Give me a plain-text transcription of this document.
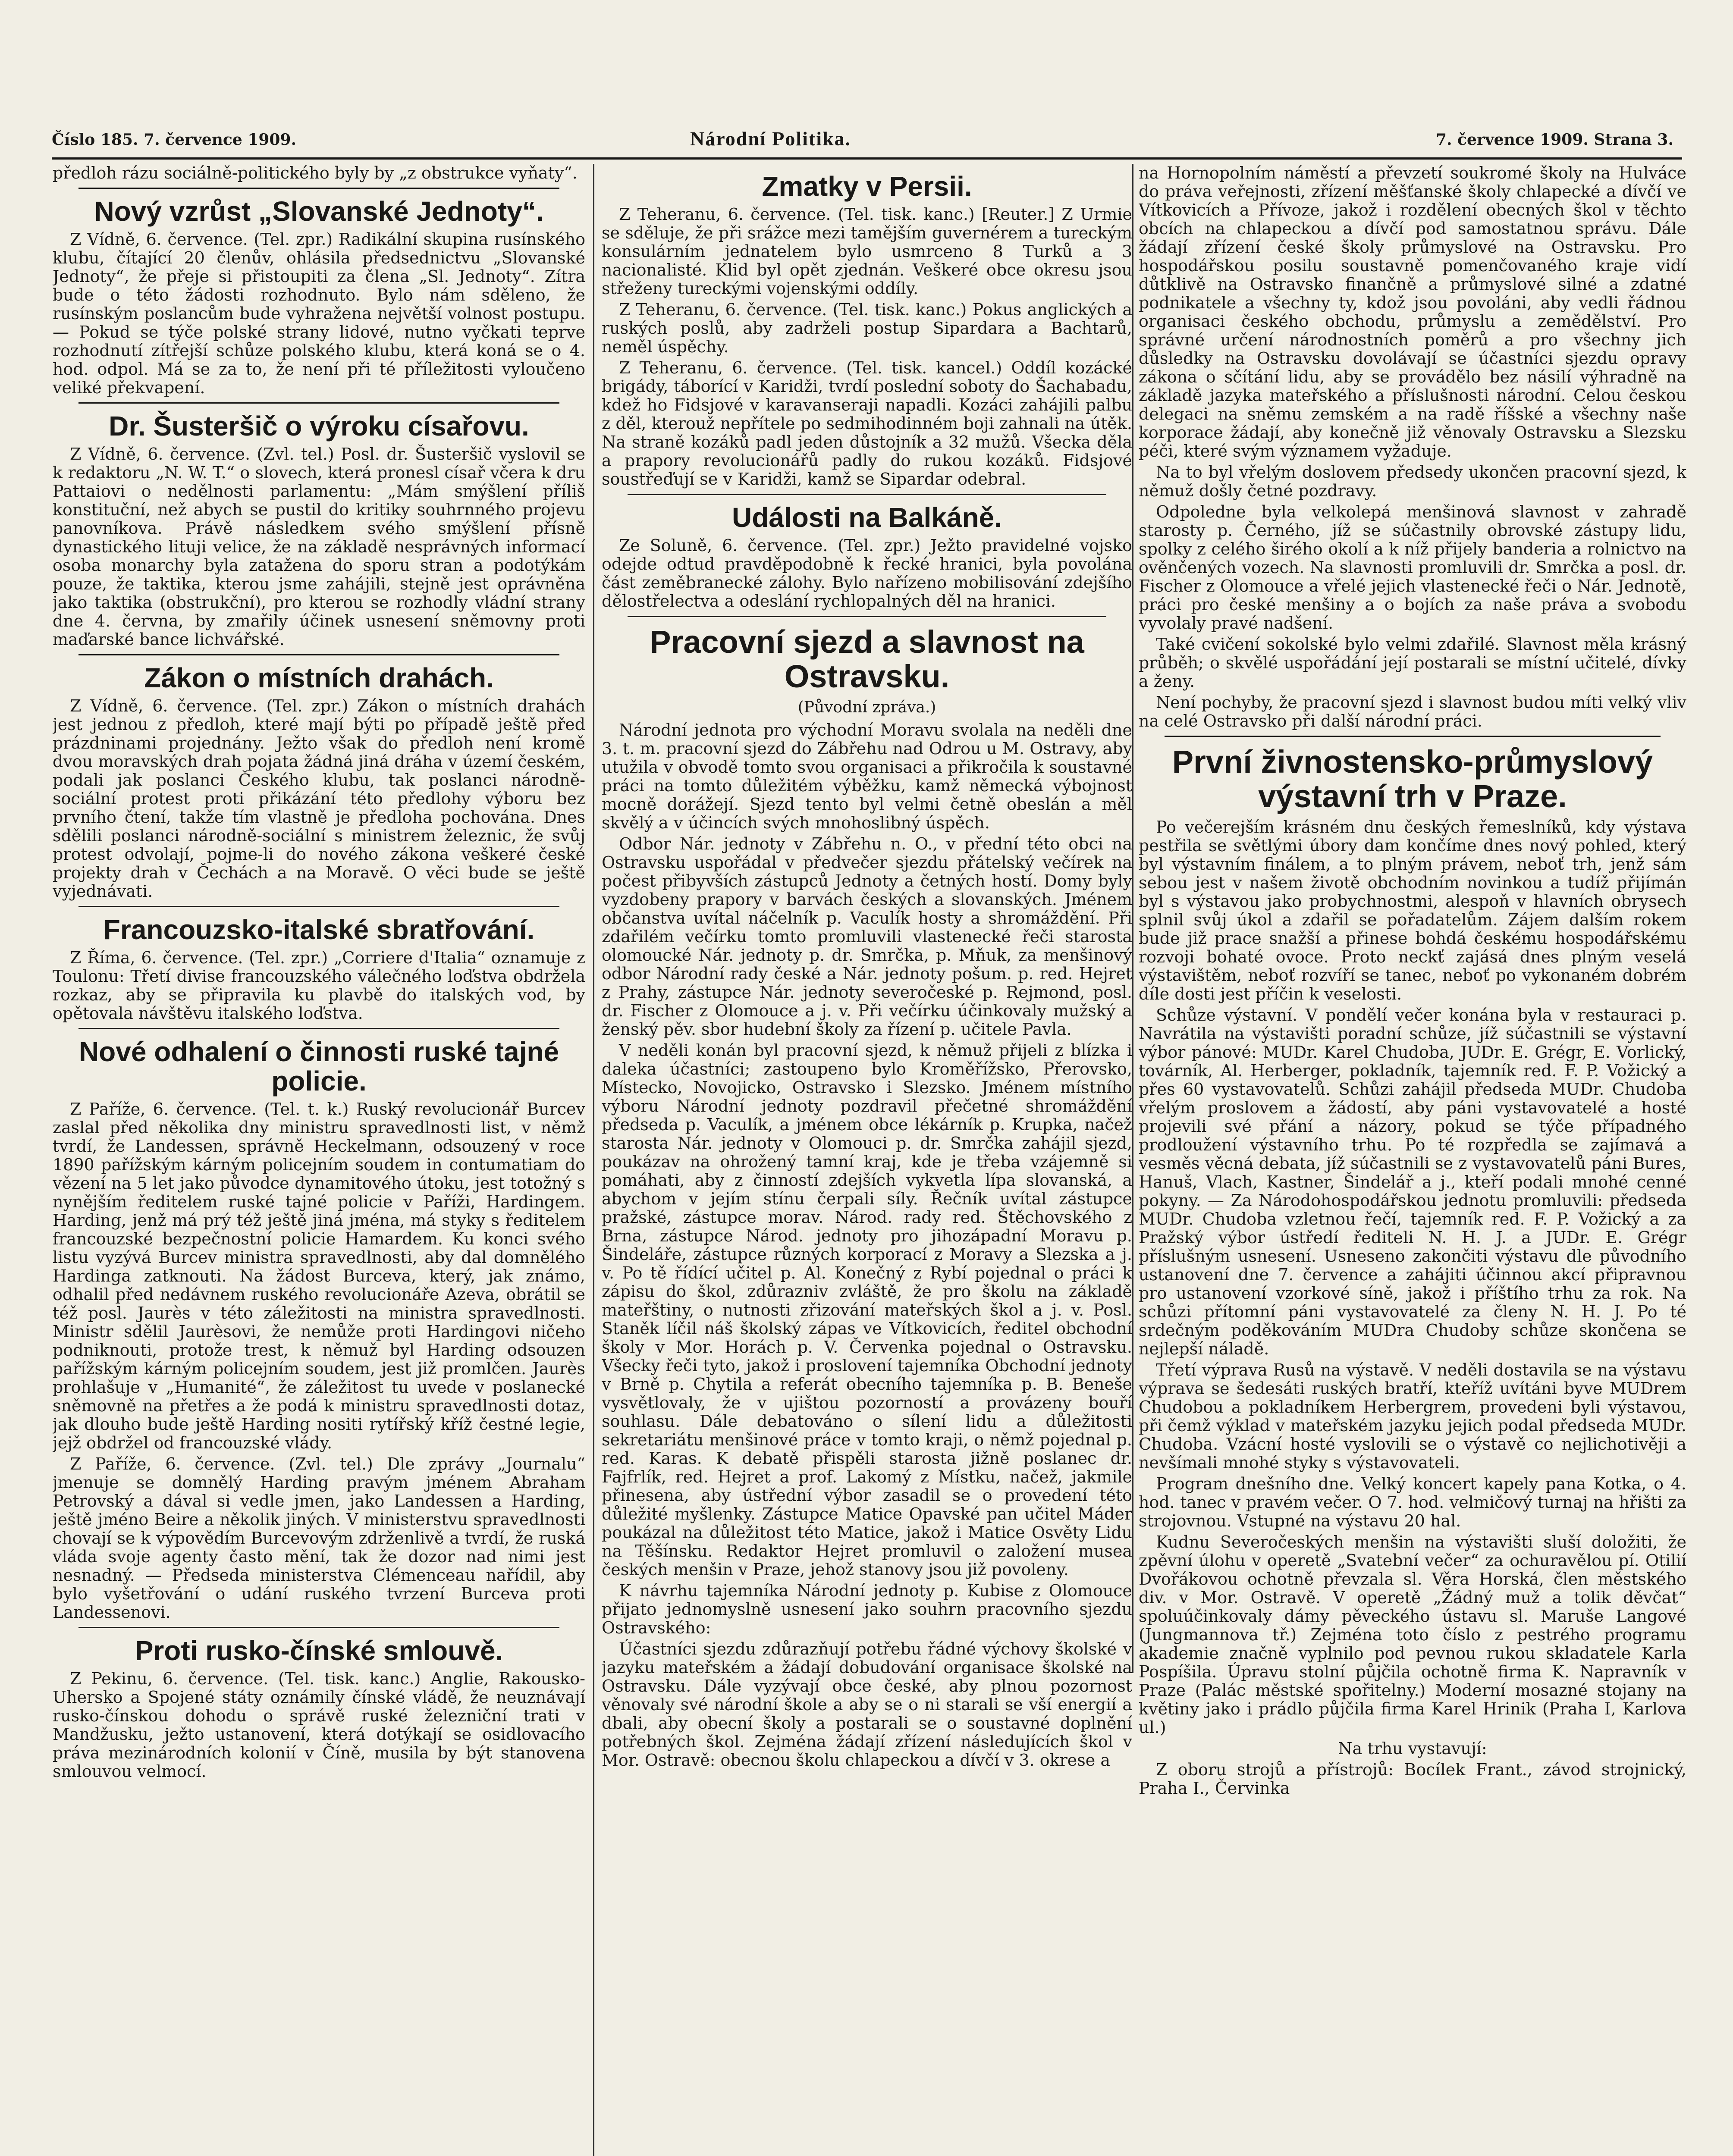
Číslo 185. 7. července 1909.	Národní Politika.	7. července 1909. Strana 3.

předloh rázu sociálně-politického byly by „z obstrukce vyňaty“.

Nový vzrůst „Slovanské Jednoty“.

Z Vídně, 6. července. (Tel. zpr.) Radikální skupina rusínského klubu, čítající 20 členův, ohlásila předsednictvu „Slovanské Jednoty“, že přeje si přistoupiti za člena „Sl. Jednoty“. Zítra bude o této žádosti rozhodnuto. Bylo nám sděleno, že rusínským poslancům bude vyhražena největší volnost postupu. — Pokud se týče polské strany lidové, nutno vyčkati teprve rozhodnutí zítřejší schůze polského klubu, která koná se o 4. hod. odpol. Má se za to, že není při té příležitosti vyloučeno veliké překvapení.

Dr. Šusteršič o výroku císařovu.

Z Vídně, 6. července. (Zvl. tel.) Posl. dr. Šusteršič vyslovil se k redaktoru „N. W. T.“ o slovech, která pronesl císař včera k dru Pattaiovi o nedělnosti parlamentu: „Mám smýšlení příliš konstituční, než abych se pustil do kritiky souhrnného projevu panovníkova. Právě následkem svého smýšlení přísně dynastického lituji velice, že na základě nesprávných informací osoba monarchy byla zatažena do sporu stran a podotýkám pouze, že taktika, kterou jsme zahájili, stejně jest oprávněna jako taktika (obstrukční), pro kterou se rozhodly vládní strany dne 4. června, by zmařily účinek usnesení sněmovny proti maďarské bance lichvářské.

Zákon o místních drahách.

Z Vídně, 6. července. (Tel. zpr.) Zákon o místních drahách jest jednou z předloh, které mají býti po případě ještě před prázdninami projednány. Ježto však do předloh není kromě dvou moravských drah pojata žádná jiná dráha v území českém, podali jak poslanci Českého klubu, tak poslanci národně-sociální protest proti přikázání této předlohy výboru bez prvního čtení, takže tím vlastně je předloha pochována. Dnes sdělili poslanci národně-sociální s ministrem železnic, že svůj protest odvolají, pojme-li do nového zákona veškeré české projekty drah v Čechách a na Moravě. O věci bude se ještě vyjednávati.

Francouzsko-italské sbratřování.

Z Říma, 6. července. (Tel. zpr.) „Corriere d'Italia“ oznamuje z Toulonu: Třetí divise francouzského válečného loďstva obdržela rozkaz, aby se připravila ku plavbě do italských vod, by opětovala návštěvu italského loďstva.

Nové odhalení o činnosti ruské tajné policie.

Z Paříže, 6. července. (Tel. t. k.) Ruský revolucionář Burcev zaslal před několika dny ministru spravedlnosti list, v němž tvrdí, že Landessen, správně Heckelmann, odsouzený v roce 1890 pařížským kárným policejním soudem in contumatiam do vězení na 5 let jako původce dynamitového útoku, jest totožný s nynějším ředitelem ruské tajné policie v Paříži, Hardingem. Harding, jenž má prý též ještě jiná jména, má styky s ředitelem francouzské bezpečnostní policie Hamardem. Ku konci svého listu vyzývá Burcev ministra spravedlnosti, aby dal domnělého Hardinga zatknouti. Na žádost Burceva, který, jak známo, odhalil před nedávnem ruského revolucionáře Azeva, obrátil se též posl. Jaurès v této záležitosti na ministra spravedlnosti. Ministr sdělil Jaurèsovi, že nemůže proti Hardingovi ničeho podniknouti, protože trest, k němuž byl Harding odsouzen pařížským kárným policejním soudem, jest již promlčen. Jaurès prohlašuje v „Humanité“, že záležitost tu uvede v poslanecké sněmovně na přetřes a že podá k ministru spravedlnosti dotaz, jak dlouho bude ještě Harding nositi rytířský kříž čestné legie, jejž obdržel od francouzské vlády.

Z Paříže, 6. července. (Zvl. tel.) Dle zprávy „Journalu“ jmenuje se domnělý Harding pravým jménem Abraham Petrovský a dával si vedle jmen, jako Landessen a Harding, ještě jméno Beire a několik jiných. V ministerstvu spravedlnosti chovají se k výpovědím Burcevovým zdrženlivě a tvrdí, že ruská vláda svoje agenty často mění, tak že dozor nad nimi jest nesnadný. — Předseda ministerstva Clémenceau nařídil, aby bylo vyšetřování o udání ruského tvrzení Burceva proti Landessenovi.

Proti rusko-čínské smlouvě.

Z Pekinu, 6. července. (Tel. tisk. kanc.) Anglie, Rakousko-Uhersko a Spojené státy oznámily čínské vládě, že neuznávají rusko-čínskou dohodu o správě ruské železniční trati v Mandžusku, ježto ustanovení, která dotýkají se osidlovacího práva mezinárodních kolonií v Číně, musila by být stanovena smlouvou velmocí.

Zmatky v Persii.

Z Teheranu, 6. července. (Tel. tisk. kanc.) [Reuter.] Z Urmie se sděluje, že při srážce mezi tamějším guvernérem a tureckým konsulárním jednatelem bylo usmrceno 8 Turků a 3 nacionalisté. Klid byl opět zjednán. Veškeré obce okresu jsou střeženy tureckými vojenskými oddíly.

Z Teheranu, 6. července. (Tel. tisk. kanc.) Pokus anglických a ruských poslů, aby zadrželi postup Sipardara a Bachtarů, neměl úspěchy.

Z Teheranu, 6. července. (Tel. tisk. kancel.) Oddíl kozácké brigády, táborící v Karidži, tvrdí poslední soboty do Šachabadu, kdež ho Fidsjové v karavanseraji napadli. Kozáci zahájili palbu z děl, kterouž nepřítele po sedmihodinném boji zahnali na útěk. Na straně kozáků padl jeden důstojník a 32 mužů. Všecka děla a prapory revolucionářů padly do rukou kozáků. Fidsjové soustřeďují se v Karidži, kamž se Sipardar odebral.

Události na Balkáně.

Ze Soluně, 6. července. (Tel. zpr.) Ježto pravidelné vojsko odejde odtud pravděpodobně k řecké hranici, byla povolána část zeměbranecké zálohy. Bylo nařízeno mobilisování zdejšího dělostřelectva a odeslání rychlopalných děl na hranici.

Pracovní sjezd a slavnost na Ostravsku.
(Původní zpráva.)

Národní jednota pro východní Moravu svolala na neděli dne 3. t. m. pracovní sjezd do Zábřehu nad Odrou u M. Ostravy, aby utužila v obvodě tomto svou organisaci a přikročila k soustavné práci na tomto důležitém výběžku, kamž německá výbojnost mocně dorážejí. Sjezd tento byl velmi četně obeslán a měl skvělý a v účincích svých mnohoslibný úspěch.

Odbor Nár. jednoty v Zábřehu n. O., v přední této obci na Ostravsku uspořádal v předvečer sjezdu přátelský večírek na počest přibyvších zástupců Jednoty a četných hostí. Domy byly vyzdobeny prapory v barvách českých a slovanských. Jménem občanstva uvítal náčelník p. Vaculík hosty a shromáždění. Při zdařilém večírku tomto promluvili vlastenecké řeči starosta olomoucké Nár. jednoty p. dr. Smrčka, p. Mňuk, za menšinový odbor Národní rady české a Nár. jednoty pošum. p. red. Hejret z Prahy, zástupce Nár. jednoty severočeské p. Rejmond, posl. dr. Fischer z Olomouce a j. v. Při večírku účinkovaly mužský a ženský pěv. sbor hudební školy za řízení p. učitele Pavla.

V neděli konán byl pracovní sjezd, k němuž přijeli z blízka i daleka účastníci; zastoupeno bylo Kroměřížsko, Přerovsko, Místecko, Novojicko, Ostravsko i Slezsko. Jménem místního výboru Národní jednoty pozdravil přečetné shromáždění předseda p. Vaculík, a jménem obce lékárník p. Krupka, načež starosta Nár. jednoty v Olomouci p. dr. Smrčka zahájil sjezd, poukázav na ohrožený tamní kraj, kde je třeba vzájemně si pomáhati, aby z činností zdejších vykvetla lípa slovanská, a abychom v jejím stínu čerpali síly. Řečník uvítal zástupce pražské, zástupce morav. Národ. rady red. Štěchovského z Brna, zástupce Národ. jednoty pro jihozápadní Moravu p. Šindeláře, zástupce různých korporací z Moravy a Slezska a j. v. Po tě řídící učitel p. Al. Konečný z Rybí pojednal o práci k zápisu do škol, zdůrazniv zvláště, že pro školu na základě mateřštiny, o nutnosti zřizování mateřských škol a j. v. Posl. Staněk líčil náš školský zápas ve Vítkovicích, ředitel obchodní školy v Mor. Horách p. V. Červenka pojednal o Ostravsku. Všecky řeči tyto, jakož i proslovení tajemníka Obchodní jednoty v Brně p. Chytila a referát obecního tajemníka p. B. Beneše vysvětlovaly, že v ujištou pozorností a provázeny bouří souhlasu. Dále debatováno o sílení lidu a důležitosti sekretariátu menšinové práce v tomto kraji, o němž pojednal p. red. Karas. K debatě přispěli starosta jižně poslanec dr. Fajfrlík, red. Hejret a prof. Lakomý z Místku, načež, jakmile přinesena, aby ústřední výbor zasadil se o provedení této důležité myšlenky. Zástupce Matice Opavské pan učitel Máder poukázal na důležitost této Matice, jakož i Matice Osvěty Lidu na Těšínsku. Redaktor Hejret promluvil o založení musea českých menšin v Praze, jehož stanovy jsou již povoleny.

K návrhu tajemníka Národní jednoty p. Kubise z Olomouce přijato jednomyslně usnesení jako souhrn pracovního sjezdu Ostravského:

Účastníci sjezdu zdůrazňují potřebu řádné výchovy školské v jazyku mateřském a žádají dobudování organisace školské na Ostravsku. Dále vyzývají obce české, aby plnou pozornost věnovaly své národní škole a aby se o ni starali se vší energií a dbali, aby obecní školy a postarali se o soustavné doplnění potřebných škol. Zejména žádají zřízení následujících škol v Mor. Ostravě: obecnou školu chlapeckou a dívčí v 3. okrese a

na Hornopolním náměstí a převzetí soukromé školy na Hulváce do práva veřejnosti, zřízení měšťanské školy chlapecké a dívčí ve Vítkovicích a Přívoze, jakož i rozdělení obecných škol v těchto obcích na chlapeckou a dívčí pod samostatnou správu. Dále žádají zřízení české školy průmyslové na Ostravsku. Pro hospodářskou posilu soustavně pomenčovaného kraje vidí důtklivě na Ostravsko finančně a průmyslové silné a zdatné podnikatele a všechny ty, kdož jsou povoláni, aby vedli řádnou organisaci českého obchodu, průmyslu a zemědělství. Pro správné určení národnostních poměrů a pro všechny jich důsledky na Ostravsku dovolávají se účastníci sjezdu opravy zákona o sčítání lidu, aby se provádělo bez násilí výhradně na základě jazyka mateřského a příslušnosti národní. Celou českou delegaci na sněmu zemském a na radě říšské a všechny naše korporace žádají, aby konečně již věnovaly Ostravsku a Slezsku péči, které svým významem vyžaduje.

Na to byl vřelým doslovem předsedy ukončen pracovní sjezd, k němuž došly četné pozdravy.

Odpoledne byla velkolepá menšinová slavnost v zahradě starosty p. Černého, jíž se súčastnily obrovské zástupy lidu, spolky z celého širého okolí a k níž přijely banderia a rolnictvo na ověnčených vozech. Na slavnosti promluvili dr. Smrčka a posl. dr. Fischer z Olomouce a vřelé jejich vlastenecké řeči o Nár. Jednotě, práci pro české menšiny a o bojích za naše práva a svobodu vyvolaly pravé nadšení.

Také cvičení sokolské bylo velmi zdařilé. Slavnost měla krásný průběh; o skvělé uspořádání její postarali se místní učitelé, dívky a ženy.

Není pochyby, že pracovní sjezd i slavnost budou míti velký vliv na celé Ostravsko při další národní práci.

První živnostensko-průmyslový výstavní trh v Praze.

Po večerejším krásném dnu českých řemeslníků, kdy výstava pestřila se světlými úbory dam končíme dnes nový pohled, který byl výstavním finálem, a to plným právem, neboť trh, jenž sám sebou jest v našem životě obchodním novinkou a tudíž přijímán byl s výstavou jako probychnostmi, alespoň v hlavních obrysech splnil svůj úkol a zdařil se pořadatelům. Zájem dalším rokem bude již prace snažší a přinese bohdá českému hospodářskému rozvoji bohaté ovoce. Proto neckť zajásá dnes plným veselá výstavištěm, neboť rozvíří se tanec, neboť po vykonaném dobrém díle dosti jest příčin k veselosti.

Schůze výstavní. V pondělí večer konána byla v restauraci p. Navrátila na výstavišti poradní schůze, jíž súčastnili se výstavní výbor pánové: MUDr. Karel Chudoba, JUDr. E. Grégr, E. Vorlický, továrník, Al. Herberger, pokladník, tajemník red. F. P. Vožický a přes 60 vystavovatelů. Schůzi zahájil předseda MUDr. Chudoba vřelým proslovem a žádostí, aby páni vystavovatelé a hosté projevili své přání a názory, pokud se týče případného prodloužení výstavního trhu. Po té rozpředla se zajímavá a vesměs věcná debata, jíž súčastnili se z vystavovatelů páni Bures, Hanuš, Vlach, Kastner, Šindelář a j., kteří podali mnohé cenné pokyny. — Za Národohospodářskou jednotu promluvili: předseda MUDr. Chudoba vzletnou řečí, tajemník red. F. P. Vožický a za Pražský výbor ústředí řediteli N. H. J. a JUDr. E. Grégr příslušným usnesení. Usneseno zakončiti výstavu dle původního ustanovení dne 7. července a zahájiti účinnou akcí připravnou pro ustanovení vzorkové síně, jakož i příštího trhu za rok. Na schůzi přítomní páni vystavovatelé za členy N. H. J. Po té srdečným poděkováním MUDra Chudoby schůze skončena se nejlepší náladě.

Třetí výprava Rusů na výstavě. V neděli dostavila se na výstavu výprava se šedesáti ruských bratří, kteříž uvítáni byve MUDrem Chudobou a pokladníkem Herbergrem, provedeni byli výstavou, při čemž výklad v mateřském jazyku jejich podal předseda MUDr. Chudoba. Vzácní hosté vyslovili se o výstavě co nejlichotivěji a nevšímali mnohé styky s výstavovateli.

Program dnešního dne. Velký koncert kapely pana Kotka, o 4. hod. tanec v pravém večer. O 7. hod. velmičový turnaj na hřišti za strojovnou. Vstupné na výstavu 20 hal.

Kudnu Severočeských menšin na výstavišti sluší doložiti, že zpěvní úlohu v operetě „Svatební večer“ za ochuravělou pí. Otilií Dvořákovou ochotně převzala sl. Věra Horská, člen městského div. v Mor. Ostravě. V operetě „Žádný muž a tolik děvčat“ spoluúčinkovaly dámy pěveckého ústavu sl. Maruše Langové (Jungmannova tř.) Zejména toto číslo z pestrého programu akademie značně vyplnilo pod pevnou rukou skladatele Karla Pospíšila. Úpravu stolní půjčila ochotně firma K. Napravník v Praze (Palác městské spořitelny.) Moderní mosazné stojany na květiny jako i prádlo půjčila firma Karel Hrinik (Praha I, Karlova ul.)

Na trhu vystavují:

Z oboru strojů a přístrojů: Bocílek Frant., závod strojnický, Praha I., Červinka
